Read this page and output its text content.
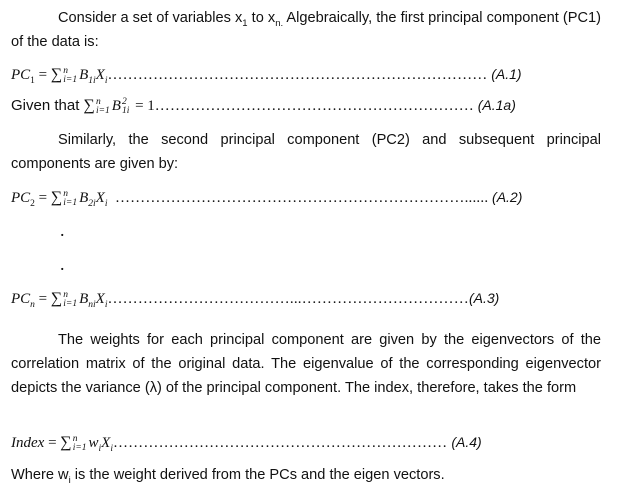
Consider a set of variables $x_1$ to $x_{n.}$ Algebraically, the first principal component (PC1) of the data is:

$PC_1$ = ∑ n
i=1 $B_{1i}X_i\dots\dots\dots\dots\dots\dots\dots\dots\dots\dots\dots\dots\dots\dots\dots\dots\dots\dots\dots\dots\dots\dots\dots\dots\dots$ (A.1)
Given that ∑ n
i=1 B 2
1i = 1……………………………………………………… (A.1a)

Similarly, the second principal component (PC2) and subsequent principal components are given by:

$PC_2$ = ∑ n
i=1 $B_{2i}X_i$ ……………………………………………………………...... (A.2)
.
.
$PC_n$ = ∑ n
i=1 $B_{ni}X_i\dots\dots\dots\dots\dots\dots\dots\dots\dots\dots\dots\dots...\dots\dots\dots\dots\dots\dots\dots\dots\dots\dots\dots(A.3)$

The weights for each principal component are given by the eigenvectors of the correlation matrix of the original data. The eigenvalue of the corresponding eigenvector depicts the variance (λ) of the principal component. The index, therefore, takes the form

Index = ∑ n
i=1 $w_iX_i\dots\dots\dots\dots\dots\dots\dots\dots\dots\dots\dots\dots\dots\dots\dots\dots\dots\dots\dots\dots\dots\dots$ (A.4)

Where $w_i$ is the weight derived from the PCs and the eigen vectors.
